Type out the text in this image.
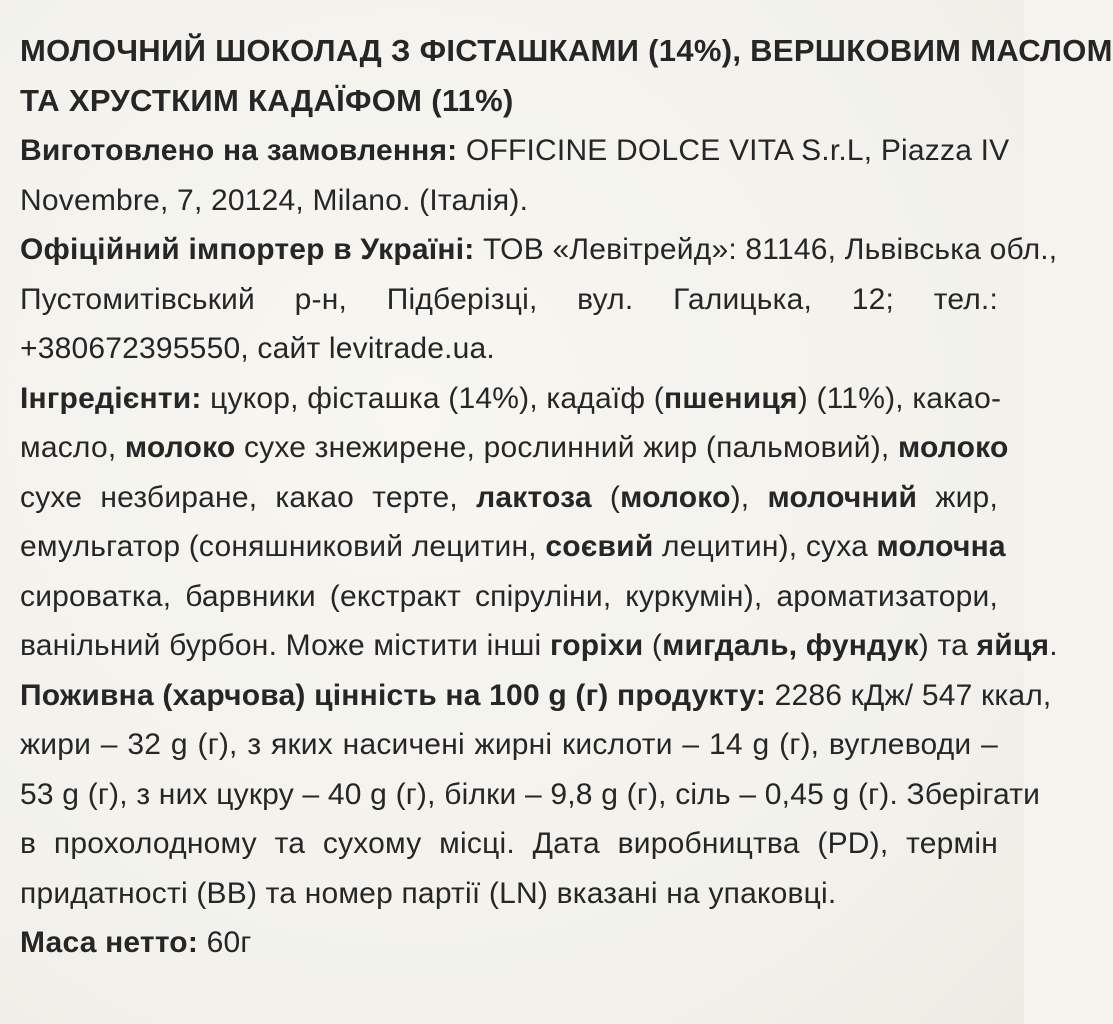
МОЛОЧНИЙ ШОКОЛАД З ФІСТАШКАМИ (14%), ВЕРШКОВИМ МАСЛОМ
ТА ХРУСТКИМ КАДАЇФОМ (11%)
Виготовлено на замовлення: OFFICINE DOLCE VITA S.r.L, Piazza IV
Novembre, 7, 20124, Milano. (Італія).
Офіційний імпортер в Україні: ТОВ «Левітрейд»: 81146, Львівська обл.,
Пустомитівський р-н, Підберізці, вул. Галицька, 12; тел.:
+380672395550, сайт levitrade.ua.
Інгредієнти: цукор, фісташка (14%), кадаїф (пшениця) (11%), какао-
масло, молоко сухе знежирене, рослинний жир (пальмовий), молоко
сухе незбиране, какао терте, лактоза (молоко), молочний жир,
емульгатор (соняшниковий лецитин, соєвий лецитин), суха молочна
сироватка, барвники (екстракт спіруліни, куркумін), ароматизатори,
ванільний бурбон. Може містити інші горіхи (мигдаль, фундук) та яйця.
Поживна (харчова) цінність на 100 g (г) продукту: 2286 кДж/ 547 ккал,
жири – 32 g (г), з яких насичені жирні кислоти – 14 g (г), вуглеводи –
53 g (г), з них цукру – 40 g (г), білки – 9,8 g (г), сіль – 0,45 g (г). Зберігати
в прохолодному та сухому місці. Дата виробництва (PD), термін
придатності (BB) та номер партії (LN) вказані на упаковці.
Маса нетто: 60г
